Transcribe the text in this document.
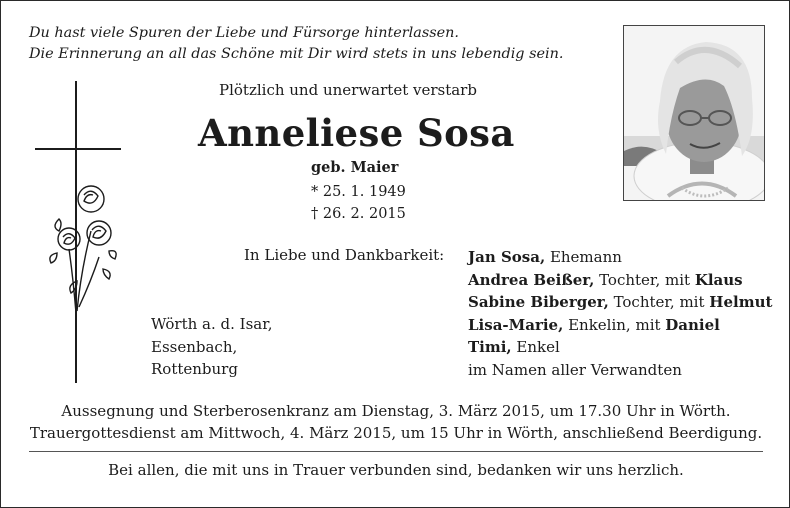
Du hast viele Spuren der Liebe und Fürsorge hinterlassen.
Die Erinnerung an all das Schöne mit Dir wird stets in uns lebendig sein.
Plötzlich und unerwartet verstarb
Anneliese Sosa
geb. Maier
* 25. 1. 1949
† 26. 2. 2015
In Liebe und Dankbarkeit: Jan Sosa, Ehemann
Andrea Beißer, Tochter, mit Klaus
Sabine Biberger, Tochter, mit Helmut
Lisa-Marie, Enkelin, mit Daniel
Timi, Enkel
im Namen aller Verwandten
Wörth a. d. Isar,
Essenbach,
Rottenburg
Aussegnung und Sterberosenkranz am Dienstag, 3. März 2015, um 17.30 Uhr in Wörth.
Trauergottesdienst am Mittwoch, 4. März 2015, um 15 Uhr in Wörth, anschließend Beerdigung.
Bei allen, die mit uns in Trauer verbunden sind, bedanken wir uns herzlich.
